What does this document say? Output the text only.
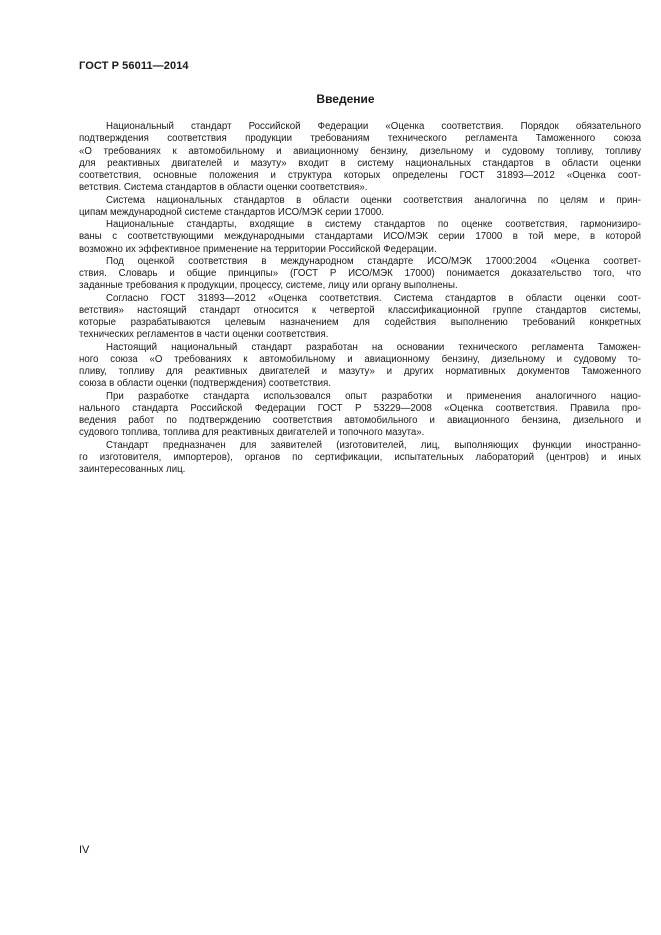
ГОСТ Р 56011—2014
Введение

Национальный стандарт Российской Федерации «Оценка соответствия. Порядок обязательного
подтверждения соответствия продукции требованиям технического регламента Таможенного союза
«О требованиях к автомобильному и авиационному бензину, дизельному и судовому топливу, топливу
для реактивных двигателей и мазуту» входит в систему национальных стандартов в области оценки
соответствия, основные положения и структура которых определены ГОСТ 31893—2012 «Оценка соот-
ветствия. Система стандартов в области оценки соответствия».

Система национальных стандартов в области оценки соответствия аналогична по целям и прин-
ципам международной системе стандартов ИСО/МЭК серии 17000.

Национальные стандарты, входящие в систему стандартов по оценке соответствия, гармонизиро-
ваны с соответствующими международными стандартами ИСО/МЭК серии 17000 в той мере, в которой
возможно их эффективное применение на территории Российской Федерации.

Под оценкой соответствия в международном стандарте ИСО/МЭК 17000:2004 «Оценка соответ-
ствия. Словарь и общие принципы» (ГОСТ Р ИСО/МЭК 17000) понимается доказательство того, что
заданные требования к продукции, процессу, системе, лицу или органу выполнены.

Согласно ГОСТ 31893—2012 «Оценка соответствия. Система стандартов в области оценки соот-
ветствия» настоящий стандарт относится к четвертой классификационной группе стандартов системы,
которые разрабатываются целевым назначением для содействия выполнению требований конкретных
технических регламентов в части оценки соответствия.

Настоящий национальный стандарт разработан на основании технического регламента Таможен-
ного союза «О требованиях к автомобильному и авиационному бензину, дизельному и судовому то-
пливу, топливу для реактивных двигателей и мазуту» и других нормативных документов Таможенного
союза в области оценки (подтверждения) соответствия.

При разработке стандарта использовался опыт разработки и применения аналогичного нацио-
нального стандарта Российской Федерации ГОСТ Р 53229—2008 «Оценка соответствия. Правила про-
ведения работ по подтверждению соответствия автомобильного и авиационного бензина, дизельного и
судового топлива, топлива для реактивных двигателей и топочного мазута».

Стандарт предназначен для заявителей (изготовителей, лиц, выполняющих функции иностранно-
го изготовителя, импортеров), органов по сертификации, испытательных лабораторий (центров) и иных
заинтересованных лиц.

IV
